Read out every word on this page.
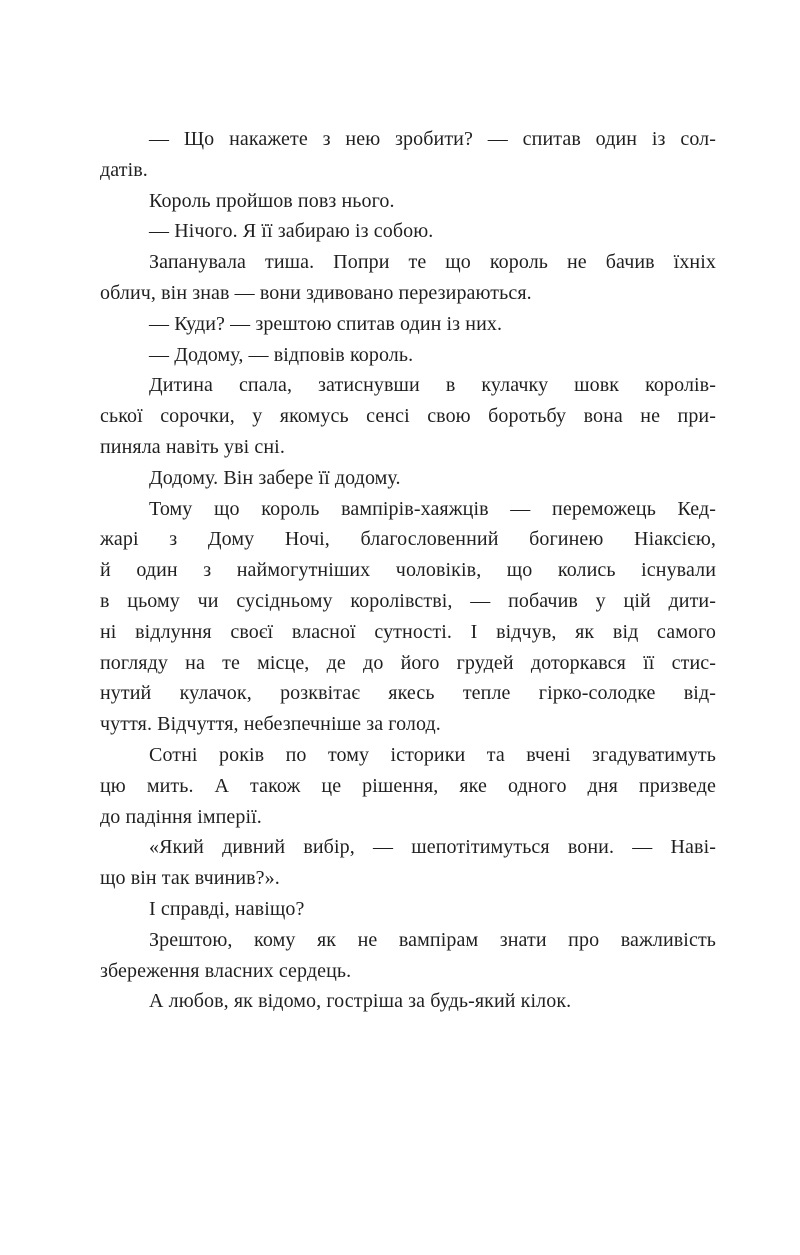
— Що накажете з нею зробити? — спитав один із сол-
датів.
Король пройшов повз нього.
— Нічого. Я її забираю із собою.
Запанувала тиша. Попри те що король не бачив їхніх
облич, він знав — вони здивовано перезираються.
— Куди? — зрештою спитав один із них.
— Додому, — відповів король.
Дитина спала, затиснувши в кулачку шовк королів-
ської сорочки, у якомусь сенсі свою боротьбу вона не при-
пиняла навіть уві сні.
Додому. Він забере її додому.
Тому що король вампірів-хаяжців — переможець Кед-
жарі з Дому Ночі, благословенний богинею Ніаксією,
й один з наймогутніших чоловіків, що колись існували
в цьому чи сусідньому королівстві, — побачив у цій дити-
ні відлуння своєї власної сутності. І відчув, як від самого
погляду на те місце, де до його грудей доторкався її стис-
нутий кулачок, розквітає якесь тепле гірко-солодке від-
чуття. Відчуття, небезпечніше за голод.
Сотні років по тому історики та вчені згадуватимуть
цю мить. А також це рішення, яке одного дня призведе
до падіння імперії.
«Який дивний вибір, — шепотітимуться вони. — Наві-
що він так вчинив?».
І справді, навіщо?
Зрештою, кому як не вампірам знати про важливість
збереження власних сердець.
А любов, як відомо, гостріша за будь-який кілок.
